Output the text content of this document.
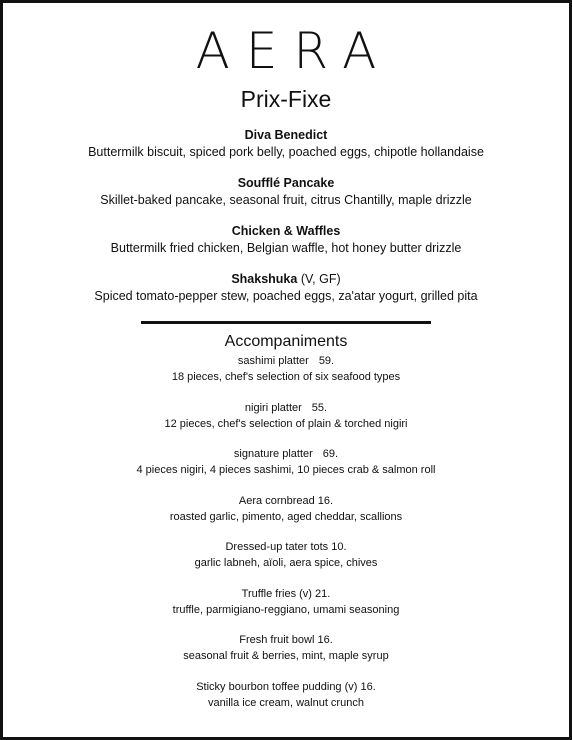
AERA
Prix-Fixe
Diva Benedict
Buttermilk biscuit, spiced pork belly, poached eggs, chipotle hollandaise
Soufflé Pancake
Skillet-baked pancake, seasonal fruit, citrus Chantilly, maple drizzle
Chicken & Waffles
Buttermilk fried chicken, Belgian waffle, hot honey butter drizzle
Shakshuka (V, GF)
Spiced tomato-pepper stew, poached eggs, za'atar yogurt, grilled pita
Accompaniments
sashimi platter 59.
18 pieces, chef's selection of six seafood types
nigiri platter 55.
12 pieces, chef's selection of plain & torched nigiri
signature platter 69.
4 pieces nigiri, 4 pieces sashimi, 10 pieces crab & salmon roll
Aera cornbread 16.
roasted garlic, pimento, aged cheddar, scallions
Dressed-up tater tots 10.
garlic labneh, aïoli, aera spice, chives
Truffle fries (v) 21.
truffle, parmigiano-reggiano, umami seasoning
Fresh fruit bowl 16.
seasonal fruit & berries, mint, maple syrup
Sticky bourbon toffee pudding (v) 16.
vanilla ice cream, walnut crunch
